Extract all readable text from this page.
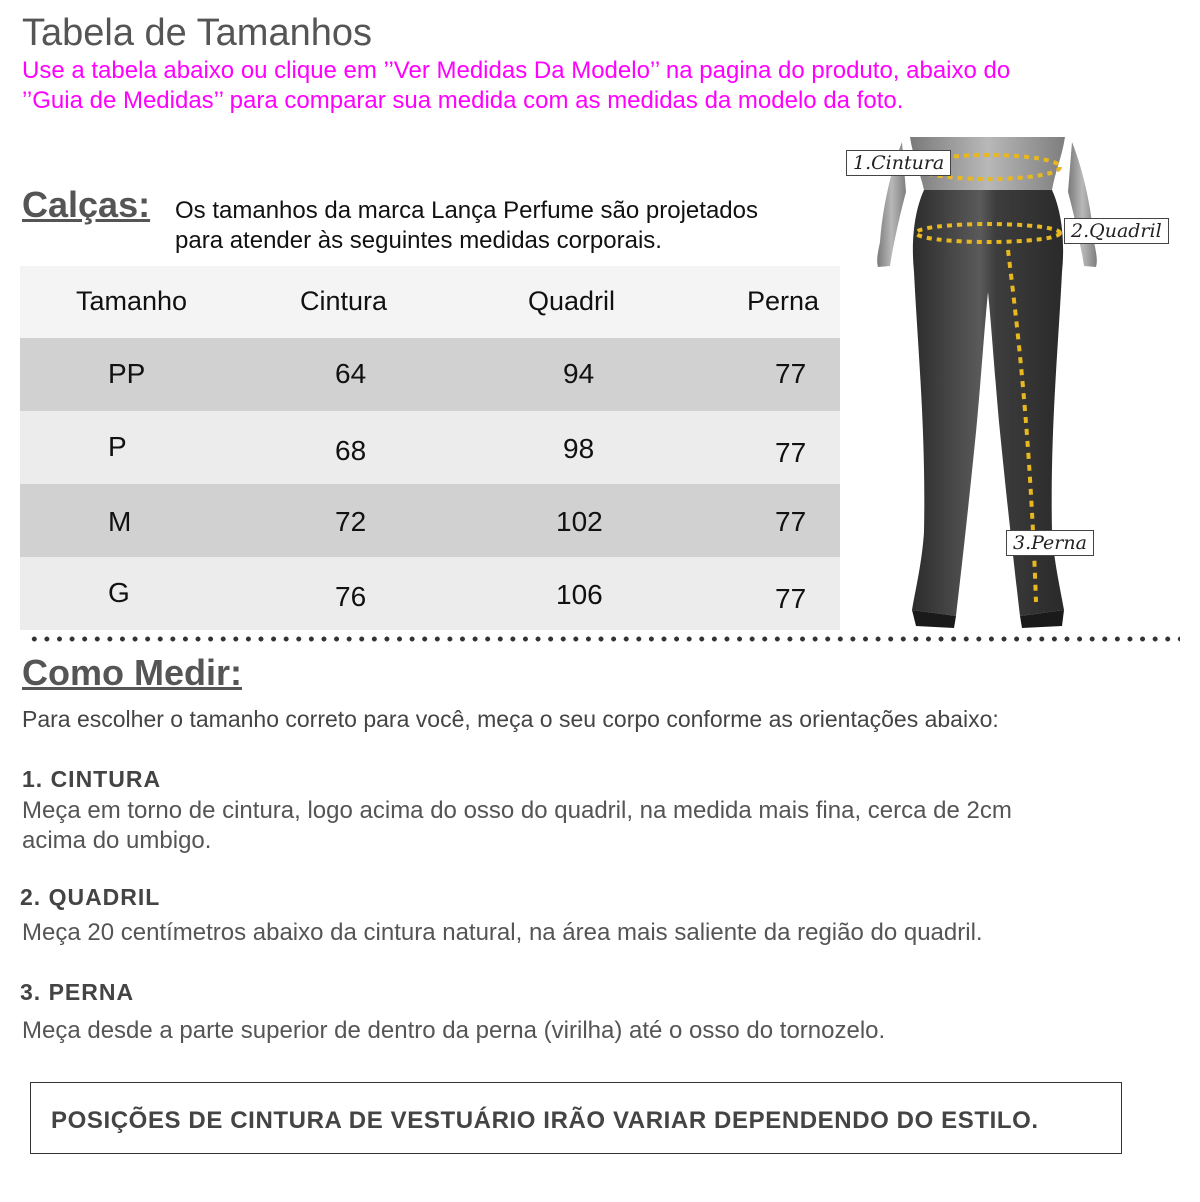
Tabela de Tamanhos
Use a tabela abaixo ou clique em ’’Ver Medidas Da Modelo’’ na pagina do produto, abaixo do
’’Guia de Medidas’’ para comparar sua medida com as medidas da modelo da foto.
Calças: Os tamanhos da marca Lança Perfume são projetados
para atender às seguintes medidas corporais.
Tamanho	Cintura	Quadril	Perna
PP	64	94	77
P	68	98	77
M	72	102	77
G	76	106	77
1.Cintura
2.Quadril
3.Perna
Como Medir:
Para escolher o tamanho correto para você, meça o seu corpo conforme as orientações abaixo:
1. CINTURA
Meça em torno de cintura, logo acima do osso do quadril, na medida mais fina, cerca de 2cm
acima do umbigo.
2. QUADRIL
Meça 20 centímetros abaixo da cintura natural, na área mais saliente da região do quadril.
3. PERNA
Meça desde a parte superior de dentro da perna (virilha) até o osso do tornozelo.
POSIÇÕES DE CINTURA DE VESTUÁRIO IRÃO VARIAR DEPENDENDO DO ESTILO.
